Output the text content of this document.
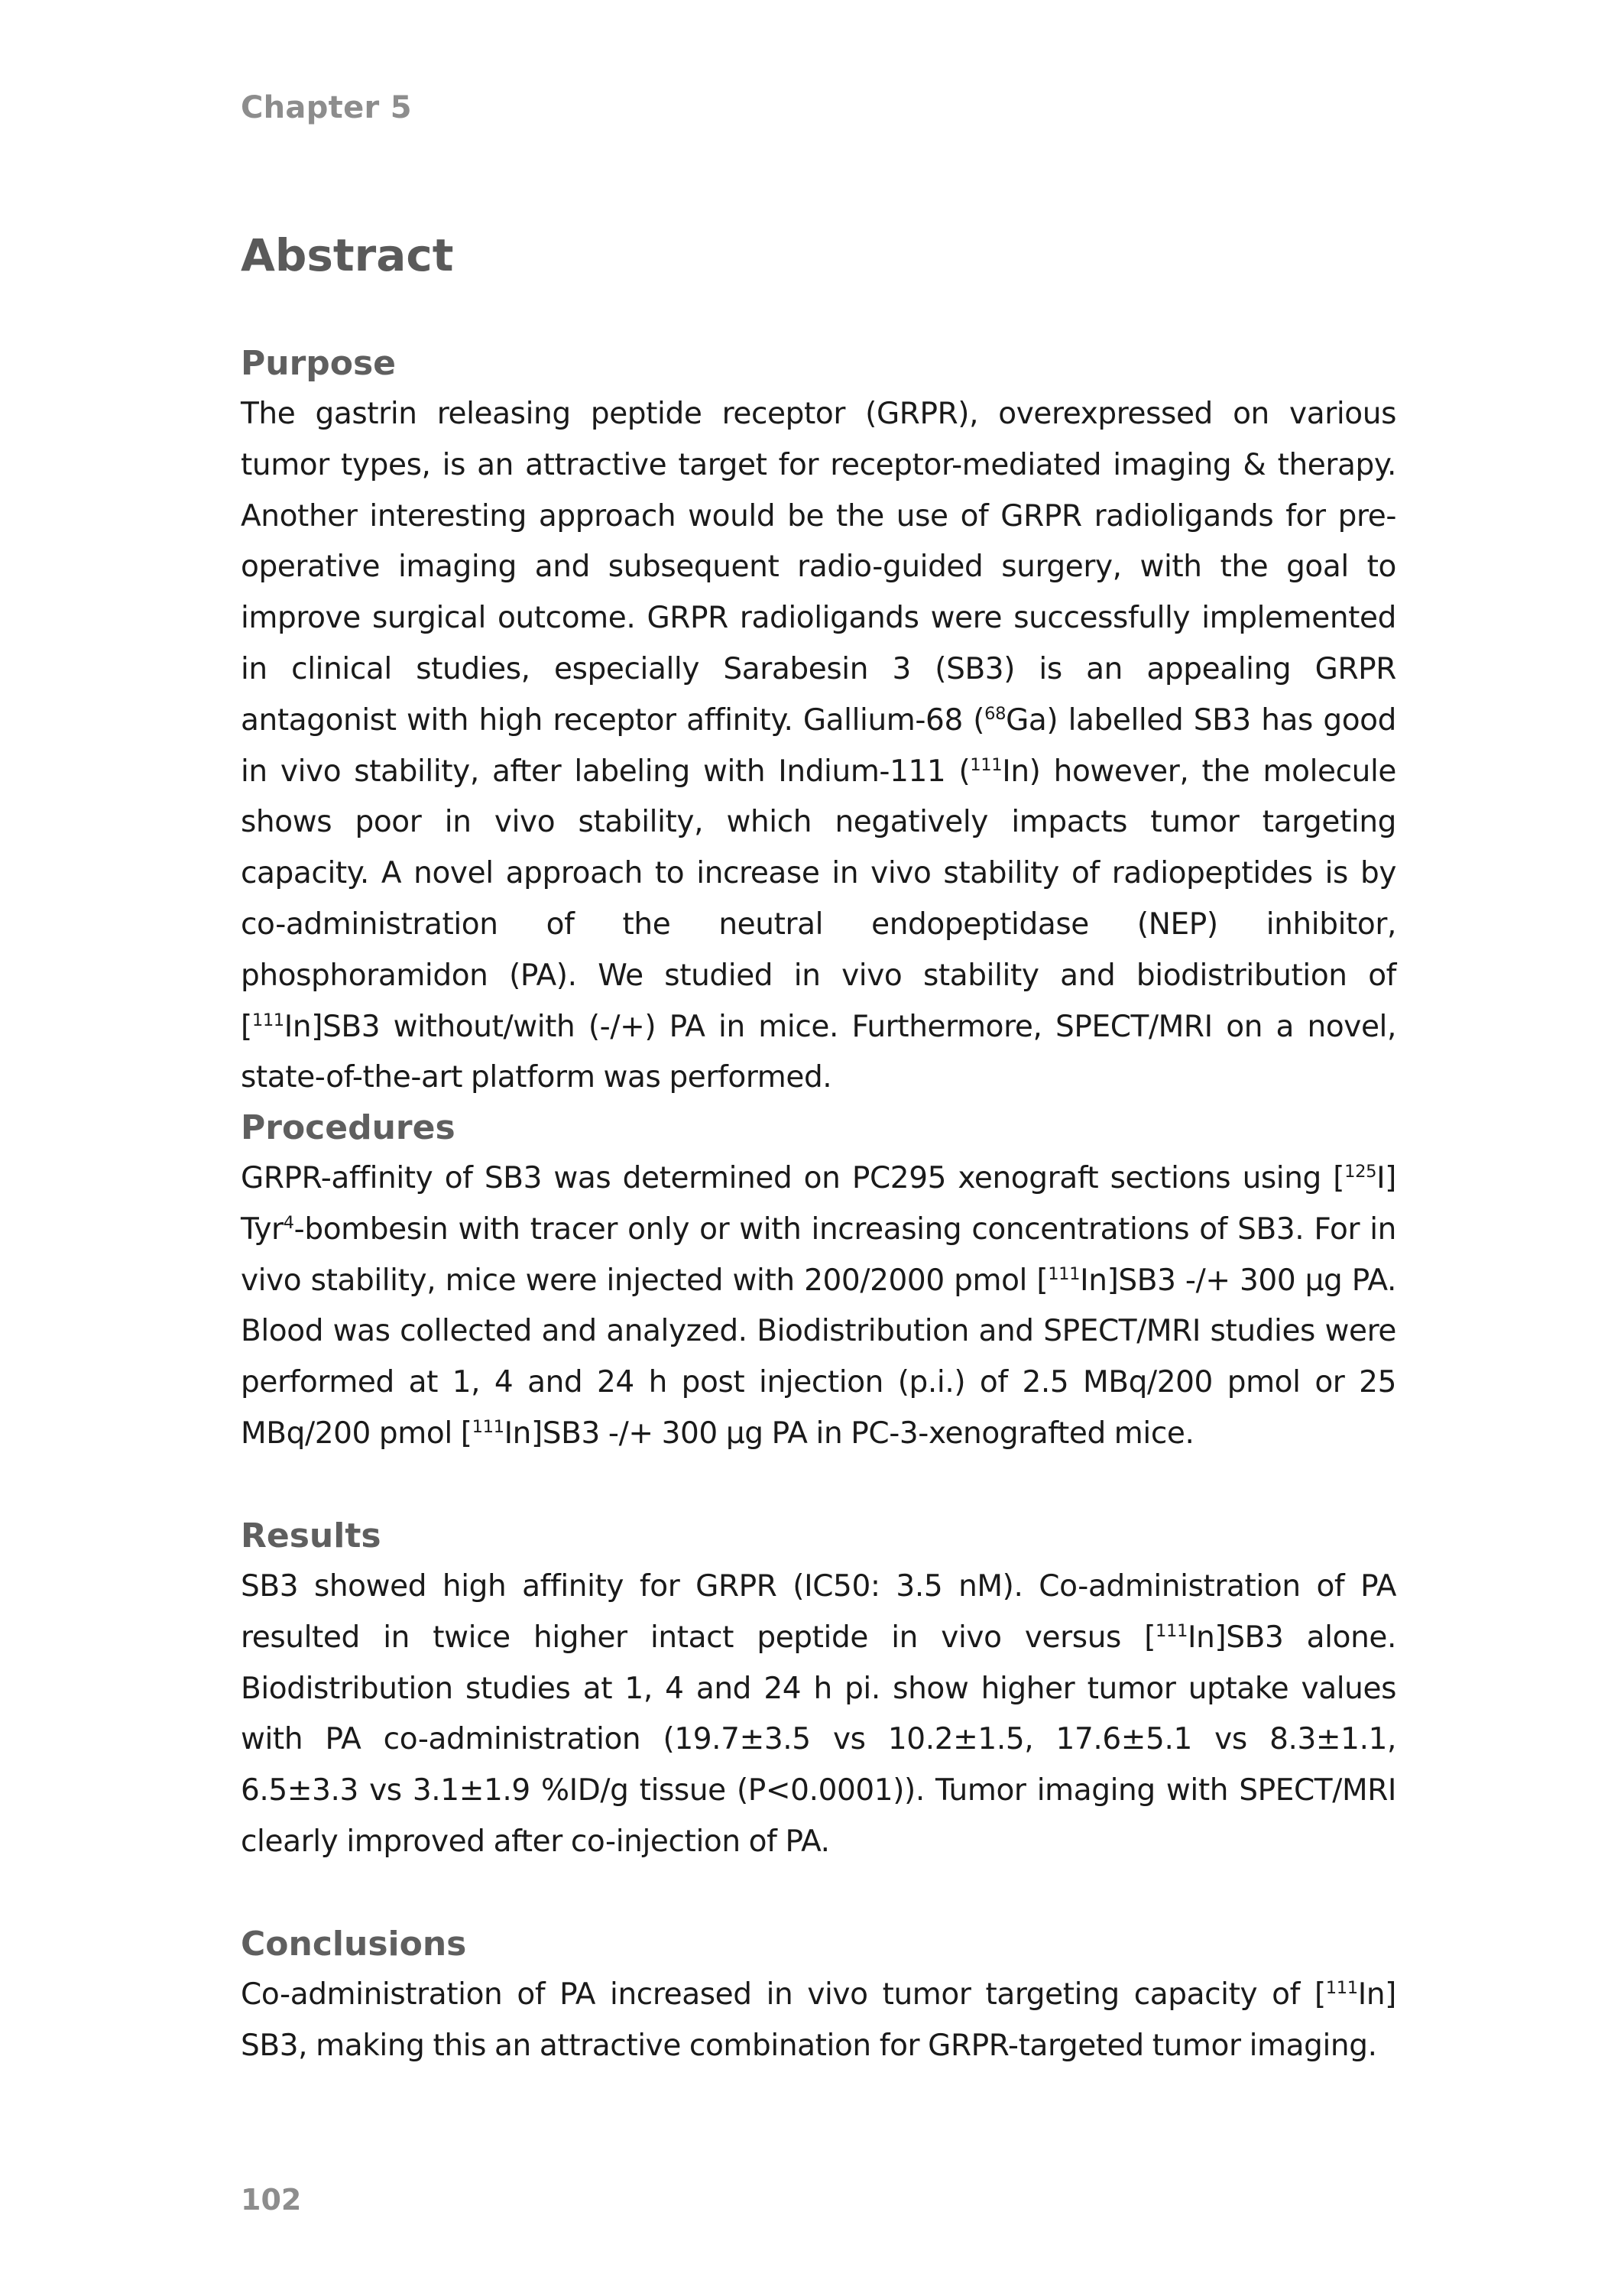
Chapter 5

Abstract
Purpose

The gastrin releasing peptide receptor (GRPR), overexpressed on various tumor types, is an attractive target for receptor-mediated imaging & therapy. Another interesting approach would be the use of GRPR radioligands for pre-operative imaging and subsequent radio-guided surgery, with the goal to improve surgical outcome. GRPR radioligands were successfully implemented in clinical studies, especially Sarabesin 3 (SB3) is an appealing GRPR antagonist with high receptor affinity. Gallium-68 ($^{68}$Ga) labelled SB3 has good in vivo stability, after labeling with Indium-111 ($^{111}$In) however, the molecule shows poor in vivo stability, which negatively impacts tumor targeting capacity. A novel approach to increase in vivo stability of radiopeptides is by co-administration of the neutral endopeptidase (NEP) inhibitor, phosphoramidon (PA). We studied in vivo stability and biodistribution of [$^{111}$In]SB3 without/with (-/+) PA in mice. Furthermore, SPECT/MRI on a novel, state-of-the-art platform was performed.

Procedures

GRPR-affinity of SB3 was determined on PC295 xenograft sections using [$^{125}$I] Tyr$^4$-bombesin with tracer only or with increasing concentrations of SB3. For in vivo stability, mice were injected with 200/2000 pmol [$^{111}$In]SB3 -/+ 300 µg PA. Blood was collected and analyzed. Biodistribution and SPECT/MRI studies were performed at 1, 4 and 24 h post injection (p.i.) of 2.5 MBq/200 pmol or 25 MBq/200 pmol [$^{111}$In]SB3 -/+ 300 µg PA in PC-3-xenografted mice.

Results

SB3 showed high affinity for GRPR (IC50: 3.5 nM). Co-administration of PA resulted in twice higher intact peptide in vivo versus [$^{111}$In]SB3 alone. Biodistribution studies at 1, 4 and 24 h pi. show higher tumor uptake values with PA co-administration (19.7±3.5 vs 10.2±1.5, 17.6±5.1 vs 8.3±1.1, 6.5±3.3 vs 3.1±1.9 %ID/g tissue (P<0.0001)). Tumor imaging with SPECT/MRI clearly improved after co-injection of PA.

Conclusions

Co-administration of PA increased in vivo tumor targeting capacity of [$^{111}$In] SB3, making this an attractive combination for GRPR-targeted tumor imaging.

102
